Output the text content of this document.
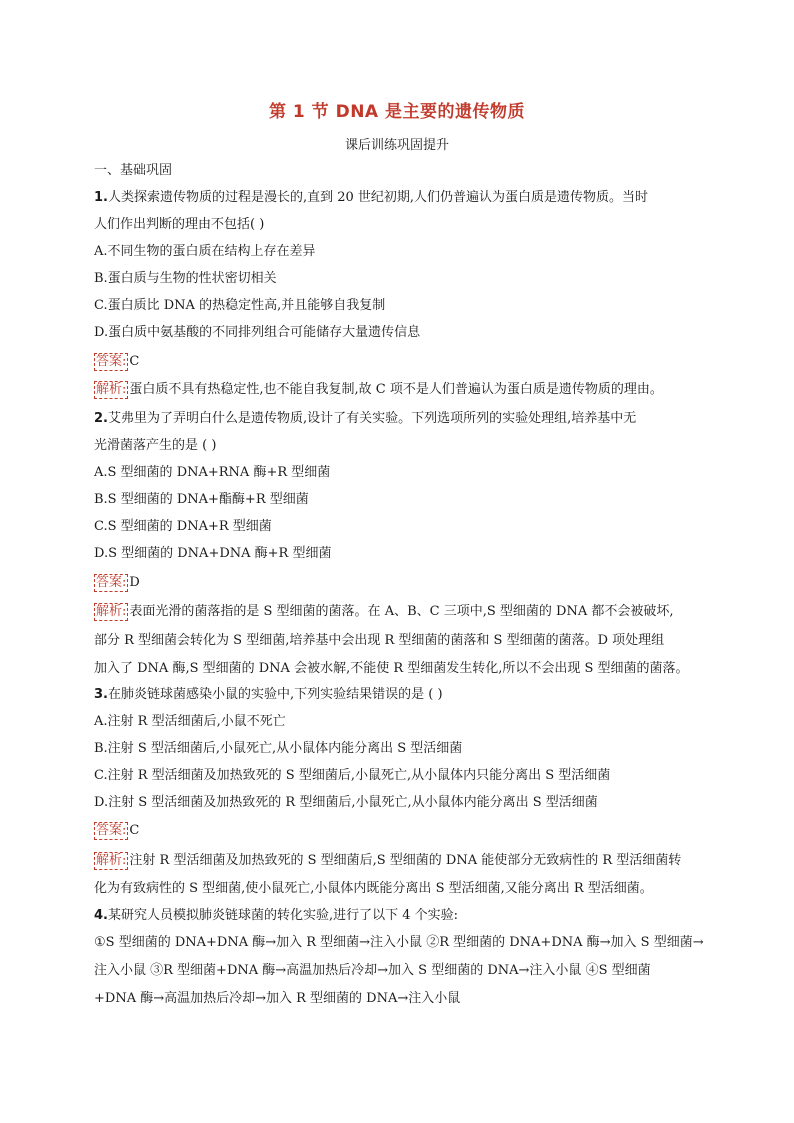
第 1 节 DNA 是主要的遗传物质
课后训练巩固提升
一、基础巩固
1.人类探索遗传物质的过程是漫长的,直到 20 世纪初期,人们仍普遍认为蛋白质是遗传物质。当时
人们作出判断的理由不包括( )
A.不同生物的蛋白质在结构上存在差异
B.蛋白质与生物的性状密切相关
C.蛋白质比 DNA 的热稳定性高,并且能够自我复制
D.蛋白质中氨基酸的不同排列组合可能储存大量遗传信息
答案: C
解析: 蛋白质不具有热稳定性,也不能自我复制,故 C 项不是人们普遍认为蛋白质是遗传物质的理由。
2.艾弗里为了弄明白什么是遗传物质,设计了有关实验。下列选项所列的实验处理组,培养基中无
光滑菌落产生的是 ( )
A.S 型细菌的 DNA+RNA 酶+R 型细菌
B.S 型细菌的 DNA+酯酶+R 型细菌
C.S 型细菌的 DNA+R 型细菌
D.S 型细菌的 DNA+DNA 酶+R 型细菌
答案: D
解析: 表面光滑的菌落指的是 S 型细菌的菌落。在 A、B、C 三项中,S 型细菌的 DNA 都不会被破坏,
部分 R 型细菌会转化为 S 型细菌,培养基中会出现 R 型细菌的菌落和 S 型细菌的菌落。D 项处理组
加入了 DNA 酶,S 型细菌的 DNA 会被水解,不能使 R 型细菌发生转化,所以不会出现 S 型细菌的菌落。
3.在肺炎链球菌感染小鼠的实验中,下列实验结果错误的是 ( )
A.注射 R 型活细菌后,小鼠不死亡
B.注射 S 型活细菌后,小鼠死亡,从小鼠体内能分离出 S 型活细菌
C.注射 R 型活细菌及加热致死的 S 型细菌后,小鼠死亡,从小鼠体内只能分离出 S 型活细菌
D.注射 S 型活细菌及加热致死的 R 型细菌后,小鼠死亡,从小鼠体内能分离出 S 型活细菌
答案: C
解析: 注射 R 型活细菌及加热致死的 S 型细菌后,S 型细菌的 DNA 能使部分无致病性的 R 型活细菌转
化为有致病性的 S 型细菌,使小鼠死亡,小鼠体内既能分离出 S 型活细菌,又能分离出 R 型活细菌。
4.某研究人员模拟肺炎链球菌的转化实验,进行了以下 4 个实验:
①S 型细菌的 DNA+DNA 酶→加入 R 型细菌→注入小鼠 ②R 型细菌的 DNA+DNA 酶→加入 S 型细菌→
注入小鼠 ③R 型细菌+DNA 酶→高温加热后冷却→加入 S 型细菌的 DNA→注入小鼠 ④S 型细菌
+DNA 酶→高温加热后冷却→加入 R 型细菌的 DNA→注入小鼠
